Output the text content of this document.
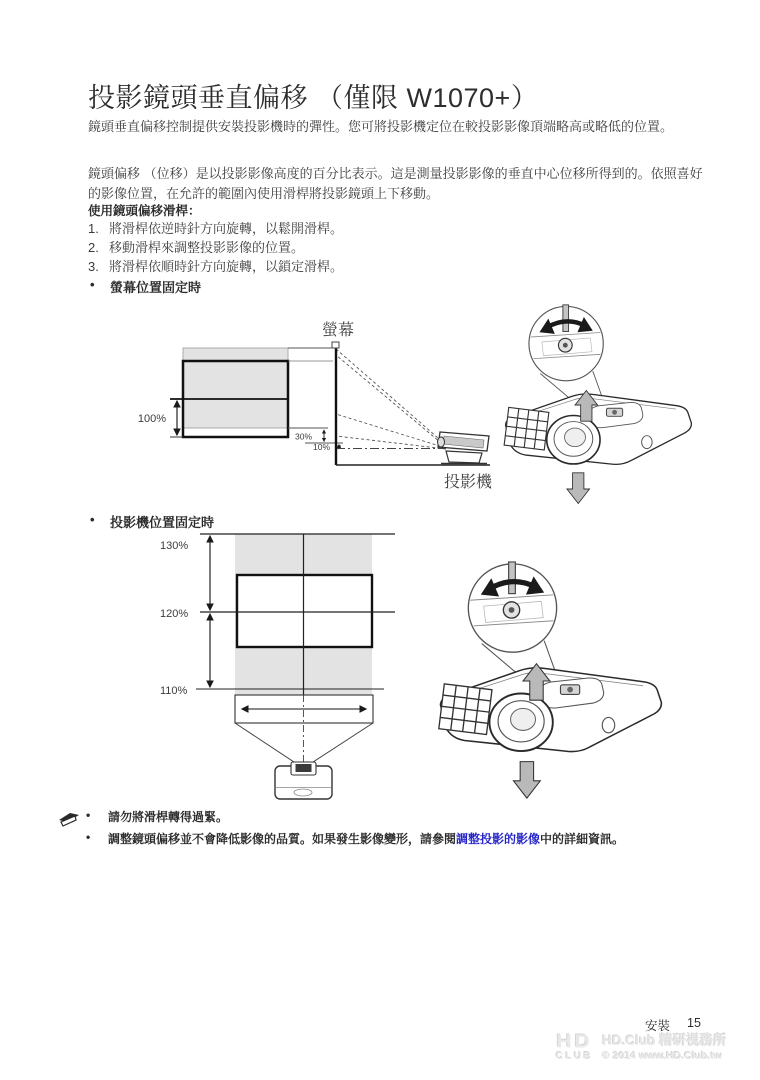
投影鏡頭垂直偏移 （僅限 W1070+）

鏡頭垂直偏移控制提供安裝投影機時的彈性。您可將投影機定位在較投影影像頂端略高或略低的位置。

鏡頭偏移 （位移）是以投影影像高度的百分比表示。這是測量投影影像的垂直中心位移所得到的。依照喜好的影像位置，在允許的範圍內使用滑桿將投影鏡頭上下移動。

使用鏡頭偏移滑桿：
1. 將滑桿依逆時針方向旋轉，以鬆開滑桿。
2. 移動滑桿來調整投影影像的位置。
3. 將滑桿依順時針方向旋轉，以鎖定滑桿。
•	螢幕位置固定時
螢幕
100%
30%
10%
投影機
•	投影機位置固定時
130%
120%
110%
•	請勿將滑桿轉得過緊。
•	調整鏡頭偏移並不會降低影像的品質。如果發生影像變形，請參閱調整投影的影像中的詳細資訊。
安裝 15
HD
CLUB
HD.Club 精研視務所
© 2014 www.HD.Club.tw
